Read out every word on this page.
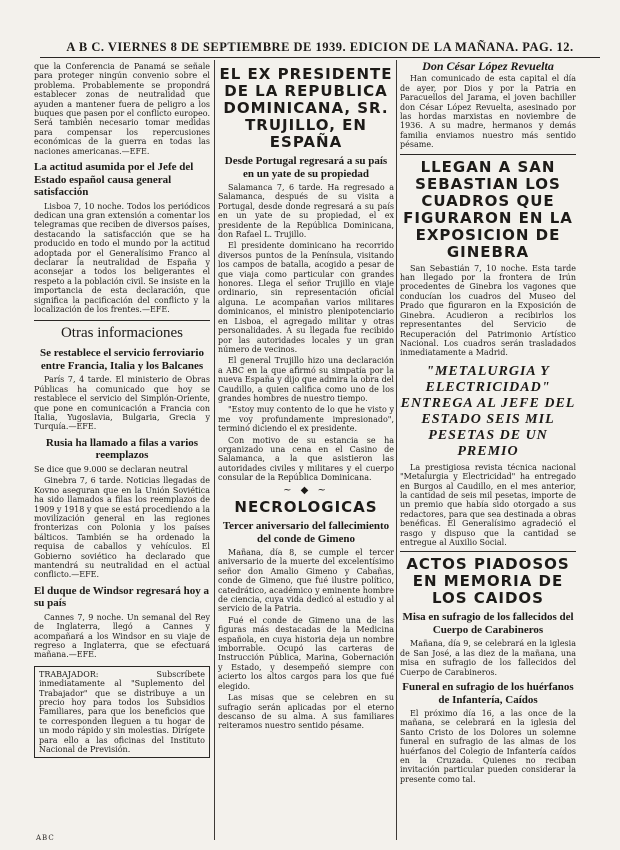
A B C. VIERNES 8 DE SEPTIEMBRE DE 1939. EDICION DE LA MAÑANA. PAG. 12.

que la Conferencia de Panamá se señale para proteger ningún convenio sobre el problema. Probablemente se propondrá establecer zonas de neutralidad que ayuden a mantener fuera de peligro a los buques que pasen por el conflicto europeo. Será también necesario tomar medidas para compensar los repercusiones económicas de la guerra en todas las naciones americanas.—EFE.

La actitud asumida por el Jefe del Estado español causa general satisfacción

Lisboa 7, 10 noche. Todos los periódicos dedican una gran extensión a comentar los telegramas que reciben de diversos países, destacando la satisfacción que se ha producido en todo el mundo por la actitud adoptada por el Generalísimo Franco al declarar la neutralidad de España y aconsejar a todos los beligerantes el respeto a la población civil. Se insiste en la importancia de esta declaración, que significa la pacificación del conflicto y la localización de los frentes.—EFE.

Otras informaciones
Se restablece el servicio ferroviario entre Francia, Italia y los Balcanes

París 7, 4 tarde. El ministerio de Obras Públicas ha comunicado que hoy se restablece el servicio del Simplón-Oriente, que pone en comunicación a Francia con Italia, Yugoslavia, Bulgaria, Grecia y Turquía.—EFE.

Rusia ha llamado a filas a varios reemplazos

Se dice que 9.000 se declaran neutral

Ginebra 7, 6 tarde. Noticias llegadas de Kovno aseguran que en la Unión Soviética ha sido llamados a filas los reemplazos de 1909 y 1918 y que se está procediendo a la movilización general en las regiones fronterizas con Polonia y los países bálticos. También se ha ordenado la requisa de caballos y vehículos. El Gobierno soviético ha declarado que mantendrá su neutralidad en el actual conflicto.—EFE.

El duque de Windsor regresará hoy a su país

Cannes 7, 9 noche. Un semanal del Rey de Inglaterra, llegó a Cannes y acompañará a los Windsor en su viaje de regreso a Inglaterra, que se efectuará mañana.—EFE.

TRABAJADOR: Subscríbete inmediatamente al "Suplemento del Trabajador" que se distribuye a un precio hoy para todos los Subsidios Familiares, para que los beneficios que te corresponden lleguen a tu hogar de un modo rápido y sin molestias. Dirígete para ello a las oficinas del Instituto Nacional de Previsión.

EL EX PRESIDENTE DE LA REPUBLICA DOMINICANA, SR. TRUJILLO, EN ESPAÑA
Desde Portugal regresará a su país en un yate de su propiedad

Salamanca 7, 6 tarde. Ha regresado a Salamanca, después de su visita a Portugal, desde donde regresará a su país en un yate de su propiedad, el ex presidente de la República Dominicana, don Rafael L. Trujillo.

El presidente dominicano ha recorrido diversos puntos de la Península, visitando los campos de batalla, acogido a pesar de que viaja como particular con grandes honores. Llega el señor Trujillo en viaje ordinario, sin representación oficial alguna. Le acompañan varios militares dominicanos, el ministro plenipotenciario en Lisboa, el agregado militar y otras personalidades. A su llegada fue recibido por las autoridades locales y un gran número de vecinos.

El general Trujillo hizo una declaración a ABC en la que afirmó su simpatía por la nueva España y dijo que admira la obra del Caudillo, a quien califica como uno de los grandes hombres de nuestro tiempo.

"Estoy muy contento de lo que he visto y me voy profundamente impresionado", terminó diciendo el ex presidente.

Con motivo de su estancia se ha organizado una cena en el Casino de Salamanca, a la que asistieron las autoridades civiles y militares y el cuerpo consular de la República Dominicana.

~ ◆ ~
NECROLOGICAS
Tercer aniversario del fallecimiento del conde de Gimeno

Mañana, día 8, se cumple el tercer aniversario de la muerte del excelentísimo señor don Amalio Gimeno y Cabañas, conde de Gimeno, que fué ilustre político, catedrático, académico y eminente hombre de ciencia, cuya vida dedicó al estudio y al servicio de la Patria.

Fué el conde de Gimeno una de las figuras más destacadas de la Medicina española, en cuya historia deja un nombre imborrable. Ocupó las carteras de Instrucción Pública, Marina, Gobernación y Estado, y desempeñó siempre con acierto los altos cargos para los que fué elegido.

Las misas que se celebren en su sufragio serán aplicadas por el eterno descanso de su alma. A sus familiares reiteramos nuestro sentido pésame.

Don César López Revuelta

Han comunicado de esta capital el día de ayer, por Dios y por la Patria en Paracuellos del Jarama, el joven bachiller don César López Revuelta, asesinado por las hordas marxistas en noviembre de 1936. A su madre, hermanos y demás familia enviamos nuestro más sentido pésame.

LLEGAN A SAN SEBASTIAN LOS CUADROS QUE FIGURARON EN LA EXPOSICION DE GINEBRA

San Sebastián 7, 10 noche. Esta tarde han llegado por la frontera de Irún procedentes de Ginebra los vagones que conducían los cuadros del Museo del Prado que figuraron en la Exposición de Ginebra. Acudieron a recibirlos los representantes del Servicio de Recuperación del Patrimonio Artístico Nacional. Los cuadros serán trasladados inmediatamente a Madrid.

"METALURGIA Y ELECTRICIDAD" ENTREGA AL JEFE DEL ESTADO SEIS MIL PESETAS DE UN PREMIO

La prestigiosa revista técnica nacional "Metalurgia y Electricidad" ha entregado en Burgos al Caudillo, en el mes anterior, la cantidad de seis mil pesetas, importe de un premio que había sido otorgado a sus redactores, para que sea destinada a obras benéficas. El Generalísimo agradeció el rasgo y dispuso que la cantidad se entregue al Auxilio Social.

ACTOS PIADOSOS EN MEMORIA DE LOS CAIDOS
Misa en sufragio de los fallecidos del Cuerpo de Carabineros

Mañana, día 9, se celebrará en la iglesia de San José, a las diez de la mañana, una misa en sufragio de los fallecidos del Cuerpo de Carabineros.

Funeral en sufragio de los huérfanos de Infantería, Caídos

El próximo día 16, a las once de la mañana, se celebrará en la iglesia del Santo Cristo de los Dolores un solemne funeral en sufragio de las almas de los huérfanos del Colegio de Infantería caídos en la Cruzada. Quienes no reciban invitación particular pueden considerar la presente como tal.

ABC
